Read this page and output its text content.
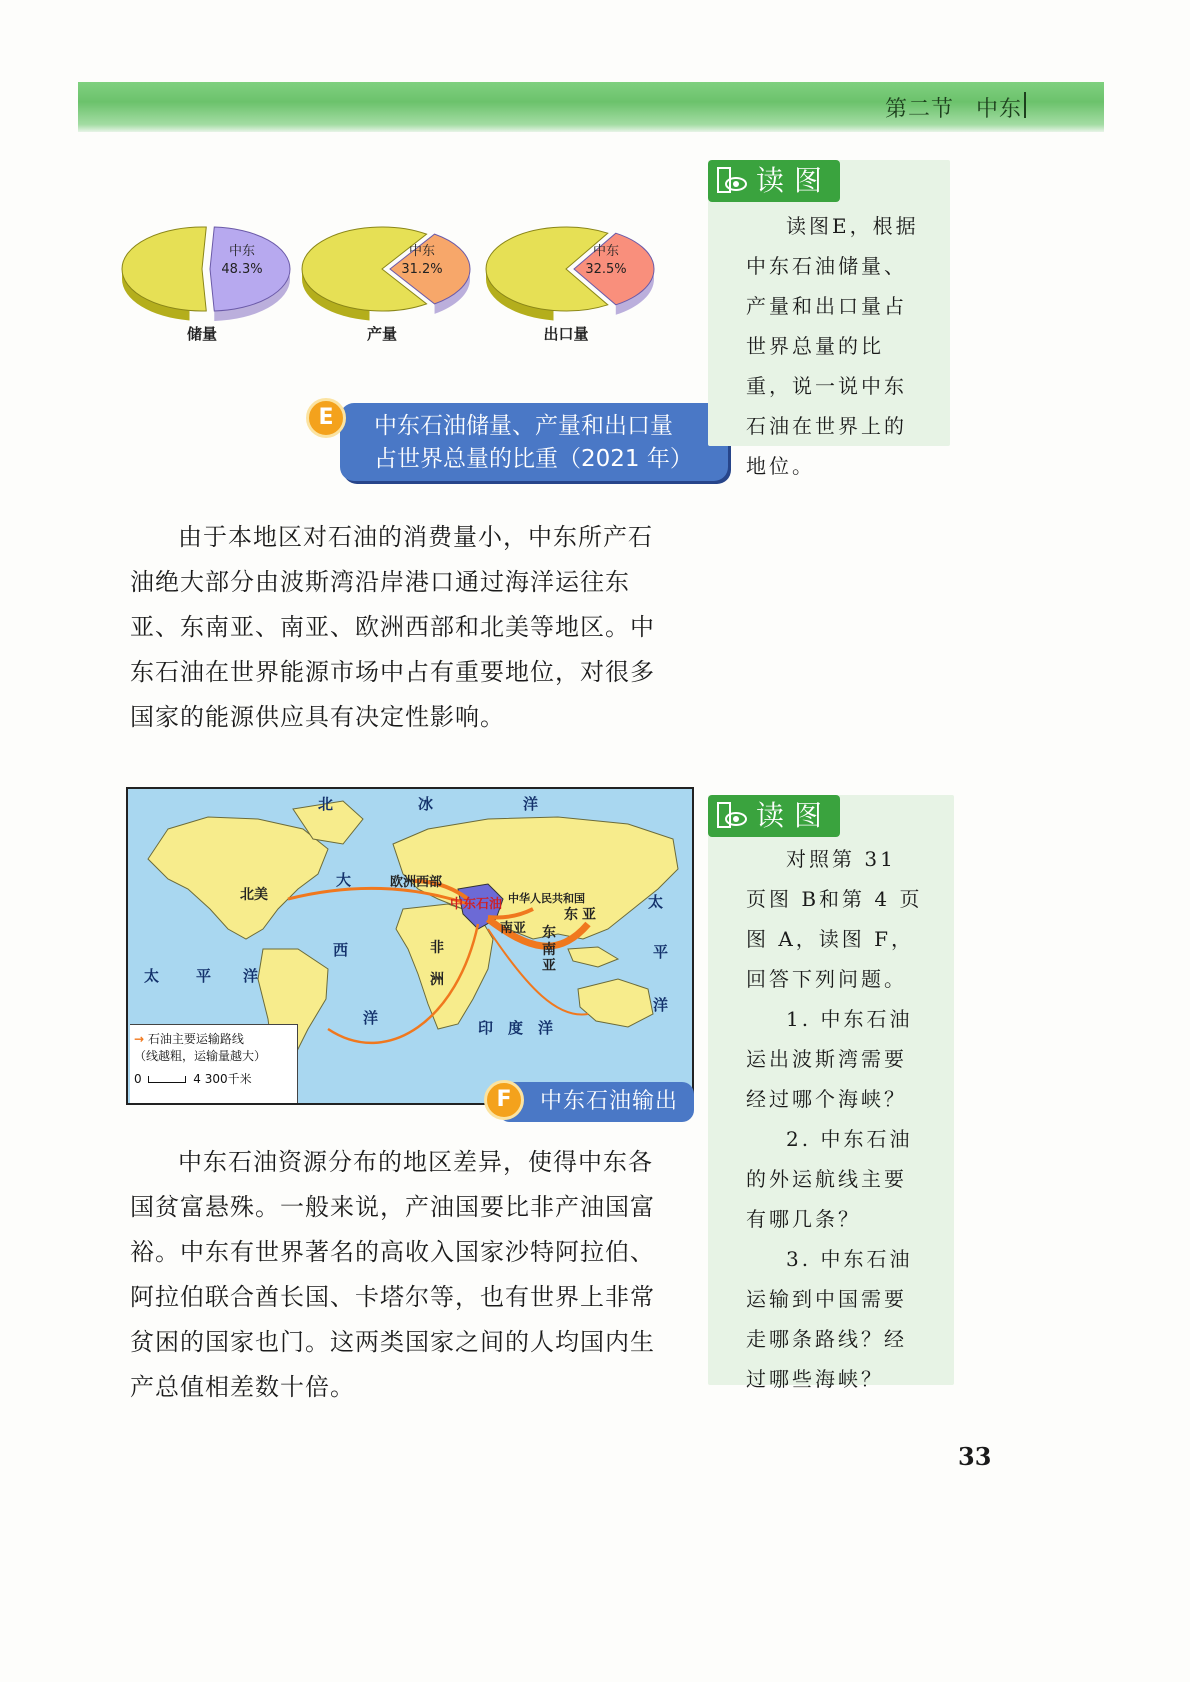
第二节 中东
中东
48.3%
储量
中东
31.2%
产量
中东
32.5%
出口量
中东石油储量、产量和出口量
占世界总量的比重（2021 年）
E
读图

读图E，根据中东石油储量、产量和出口量占世界总量的比重，说一说中东石油在世界上的地位。

由于本地区对石油的消费量小，中东所产石油绝大部分由波斯湾沿岸港口通过海洋运往东亚、东南亚、南亚、欧洲西部和北美等地区。中东石油在世界能源市场中占有重要地位，对很多国家的能源供应具有决定性影响。

北	冰	洋
大
西
洋
太 平 洋
太
平
洋
印 度 洋
北美
欧洲西部
中东石油 中华人民共和国
东 亚
南亚 东
南
亚
非
洲
→ 石油主要运输路线
（线越粗，运输量越大）
0	4 300千米
中东石油输出
F
读图

对照第 31 页图 B和第 4 页图 A，读图 F，回答下列问题。

1. 中东石油运出波斯湾需要经过哪个海峡？

2. 中东石油的外运航线主要有哪几条？

3. 中东石油运输到中国需要走哪条路线？经过哪些海峡？

中东石油资源分布的地区差异，使得中东各国贫富悬殊。一般来说，产油国要比非产油国富裕。中东有世界著名的高收入国家沙特阿拉伯、阿拉伯联合酋长国、卡塔尔等，也有世界上非常贫困的国家也门。这两类国家之间的人均国内生产总值相差数十倍。

33
